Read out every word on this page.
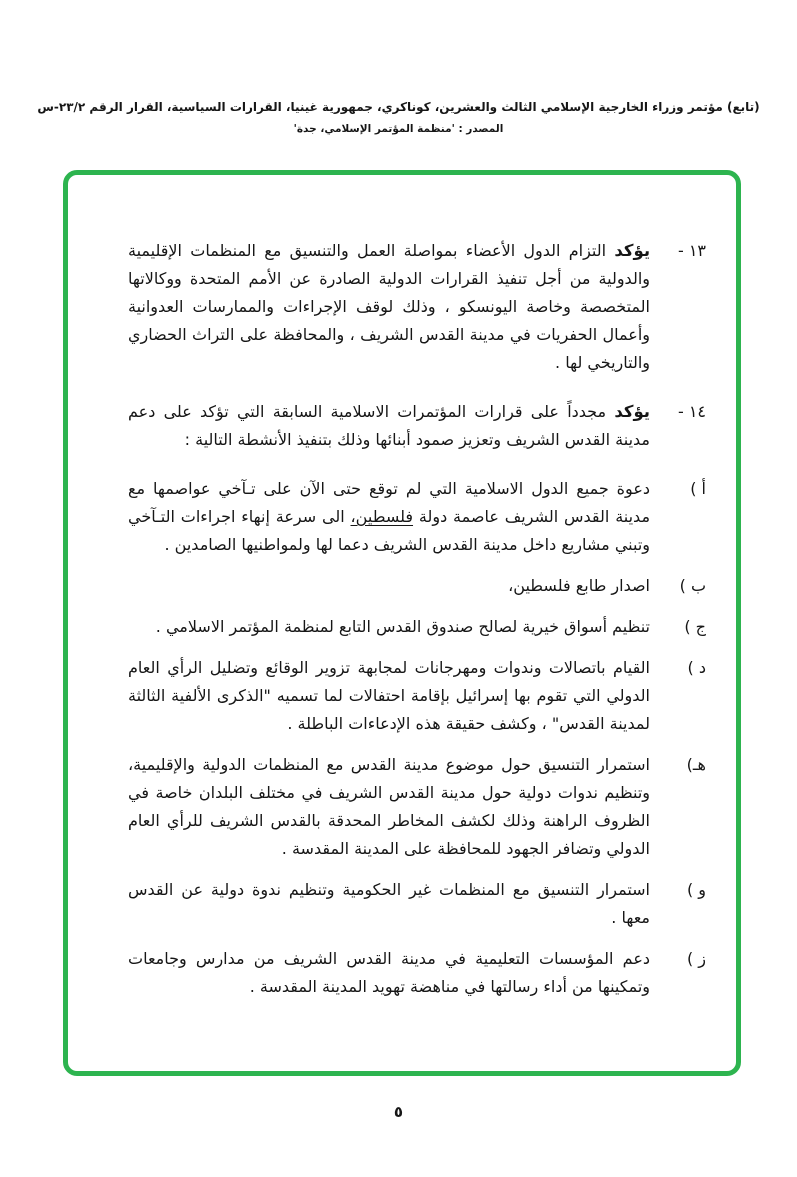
(تابع) مؤتمر وزراء الخارجية الإسلامي الثالث والعشرين، كوناكري، جمهورية غينيا، القرارات السياسية، القرار الرقم ٢٣/٢-س
المصدر : 'منظمة المؤتمر الإسلامي، جدة'
١٣ -
يؤكد التزام الدول الأعضاء بمواصلة العمل والتنسيق مع المنظمات الإقليمية والدولية من أجل تنفيذ القرارات الدولية الصادرة عن الأمم المتحدة ووكالاتها المتخصصة وخاصة اليونسكو ، وذلك لوقف الإجراءات والممارسات العدوانية وأعمال الحفريات في مدينة القدس الشريف ، والمحافظة على التراث الحضاري والتاريخي لها .
١٤ -
يؤكد مجدداً على قرارات المؤتمرات الاسلامية السابقة التي تؤكد على دعم مدينة القدس الشريف وتعزيز صمود أبنائها وذلك بتنفيذ الأنشطة التالية :
أ )
دعوة جميع الدول الاسلامية التي لم توقع حتى الآن على تـآخي عواصمها مع مدينة القدس الشريف عاصمة دولة فلسطين، الى سرعة إنهاء اجراءات التـآخي وتبني مشاريع داخل مدينة القدس الشريف دعما لها ولمواطنيها الصامدين .
ب )
اصدار طابع فلسطين،
ج )
تنظيم أسواق خيرية لصالح صندوق القدس التابع لمنظمة المؤتمر الاسلامي .
د )
القيام باتصالات وندوات ومهرجانات لمجابهة تزوير الوقائع وتضليل الرأي العام الدولي التي تقوم بها إسرائيل بإقامة احتفالات لما تسميه "الذكرى الألفية الثالثة لمدينة القدس" ، وكشف حقيقة هذه الإدعاءات الباطلة .
هـ)
استمرار التنسيق حول موضوع مدينة القدس مع المنظمات الدولية والإقليمية، وتنظيم ندوات دولية حول مدينة القدس الشريف في مختلف البلدان خاصة في الظروف الراهنة وذلك لكشف المخاطر المحدقة بالقدس الشريف للرأي العام الدولي وتضافر الجهود للمحافظة على المدينة المقدسة .
و )
استمرار التنسيق مع المنظمات غير الحكومية وتنظيم ندوة دولية عن القدس معها .
ز )
دعم المؤسسات التعليمية في مدينة القدس الشريف من مدارس وجامعات وتمكينها من أداء رسالتها في مناهضة تهويد المدينة المقدسة .
٥
